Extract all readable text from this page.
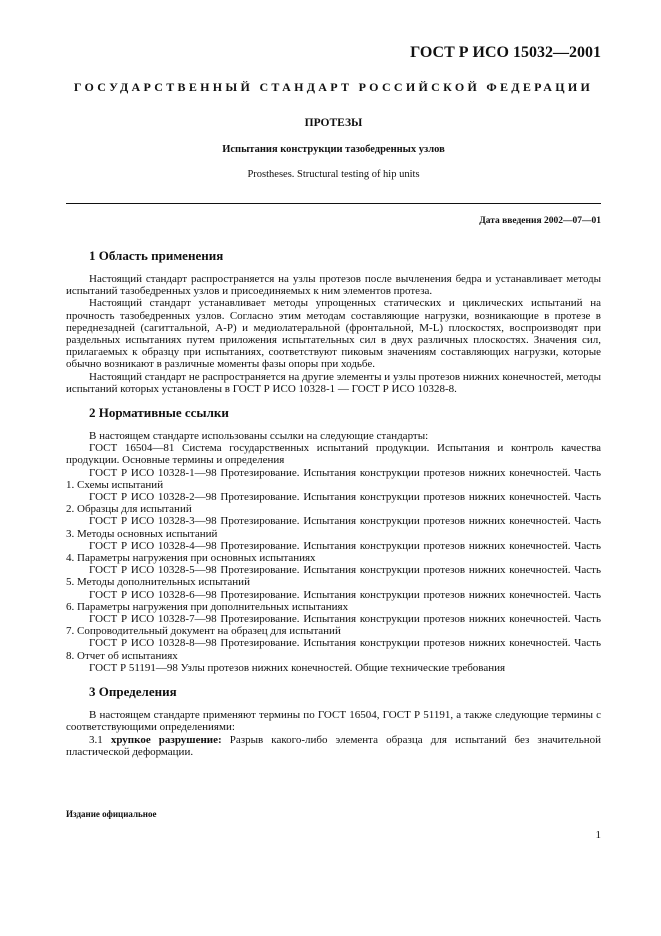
ГОСТ Р ИСО 15032—2001
ГОСУДАРСТВЕННЫЙ СТАНДАРТ РОССИЙСКОЙ ФЕДЕРАЦИИ
ПРОТЕЗЫ
Испытания конструкции тазобедренных узлов
Prostheses. Structural testing of hip units
Дата введения 2002—07—01
1 Область применения

Настоящий стандарт распространяется на узлы протезов после вычленения бедра и устанавливает методы испытаний тазобедренных узлов и присоединяемых к ним элементов протеза.

Настоящий стандарт устанавливает методы упрощенных статических и циклических испытаний на прочность тазобедренных узлов. Согласно этим методам составляющие нагрузки, возникающие в протезе в переднезадней (сагиттальной, А-Р) и медиолатеральной (фронтальной, М-L) плоскостях, воспроизводят при раздельных испытаниях путем приложения испытательных сил в двух различных плоскостях. Значения сил, прилагаемых к образцу при испытаниях, соответствуют пиковым значениям составляющих нагрузки, которые обычно возникают в различные моменты фазы опоры при ходьбе.

Настоящий стандарт не распространяется на другие элементы и узлы протезов нижних конечностей, методы испытаний которых установлены в ГОСТ Р ИСО 10328-1 — ГОСТ Р ИСО 10328-8.

2 Нормативные ссылки

В настоящем стандарте использованы ссылки на следующие стандарты:

ГОСТ 16504—81 Система государственных испытаний продукции. Испытания и контроль качества продукции. Основные термины и определения

ГОСТ Р ИСО 10328-1—98 Протезирование. Испытания конструкции протезов нижних конечностей. Часть 1. Схемы испытаний

ГОСТ Р ИСО 10328-2—98 Протезирование. Испытания конструкции протезов нижних конечностей. Часть 2. Образцы для испытаний

ГОСТ Р ИСО 10328-3—98 Протезирование. Испытания конструкции протезов нижних конечностей. Часть 3. Методы основных испытаний

ГОСТ Р ИСО 10328-4—98 Протезирование. Испытания конструкции протезов нижних конечностей. Часть 4. Параметры нагружения при основных испытаниях

ГОСТ Р ИСО 10328-5—98 Протезирование. Испытания конструкции протезов нижних конечностей. Часть 5. Методы дополнительных испытаний

ГОСТ Р ИСО 10328-6—98 Протезирование. Испытания конструкции протезов нижних конечностей. Часть 6. Параметры нагружения при дополнительных испытаниях

ГОСТ Р ИСО 10328-7—98 Протезирование. Испытания конструкции протезов нижних конечностей. Часть 7. Сопроводительный документ на образец для испытаний

ГОСТ Р ИСО 10328-8—98 Протезирование. Испытания конструкции протезов нижних конечностей. Часть 8. Отчет об испытаниях

ГОСТ Р 51191—98 Узлы протезов нижних конечностей. Общие технические требования

3 Определения

В настоящем стандарте применяют термины по ГОСТ 16504, ГОСТ Р 51191, а также следующие термины с соответствующими определениями:

3.1 хрупкое разрушение: Разрыв какого-либо элемента образца для испытаний без значительной пластической деформации.

Издание официальное
1
